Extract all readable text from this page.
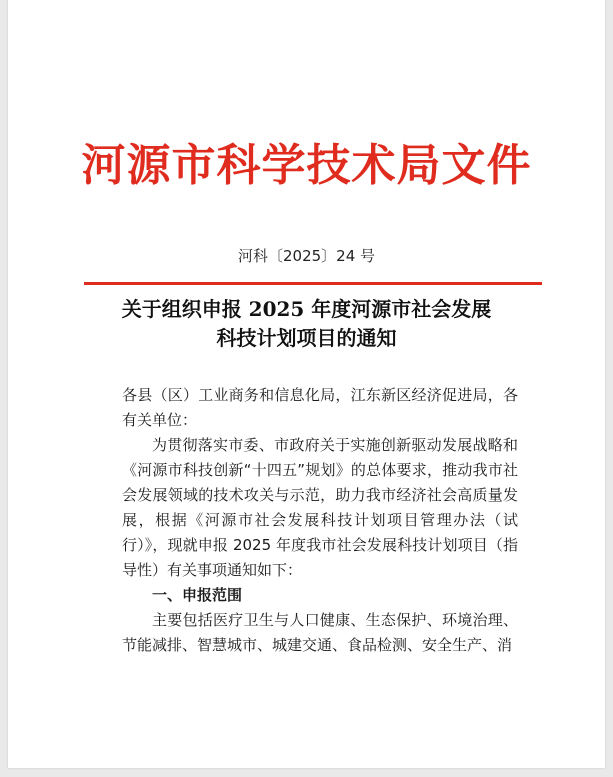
河源市科学技术局文件
河科〔2025〕24 号
关于组织申报 2025 年度河源市社会发展
科技计划项目的通知

各县（区）工业商务和信息化局，江东新区经济促进局，各有关单位：

为贯彻落实市委、市政府关于实施创新驱动发展战略和《河源市科技创新“十四五”规划》的总体要求，推动我市社会发展领域的技术攻关与示范，助力我市经济社会高质量发展，根据《河源市社会发展科技计划项目管理办法（试行）》，现就申报 2025 年度我市社会发展科技计划项目（指导性）有关事项通知如下：

一、申报范围

主要包括医疗卫生与人口健康、生态保护、环境治理、节能减排、智慧城市、城建交通、食品检测、安全生产、消
